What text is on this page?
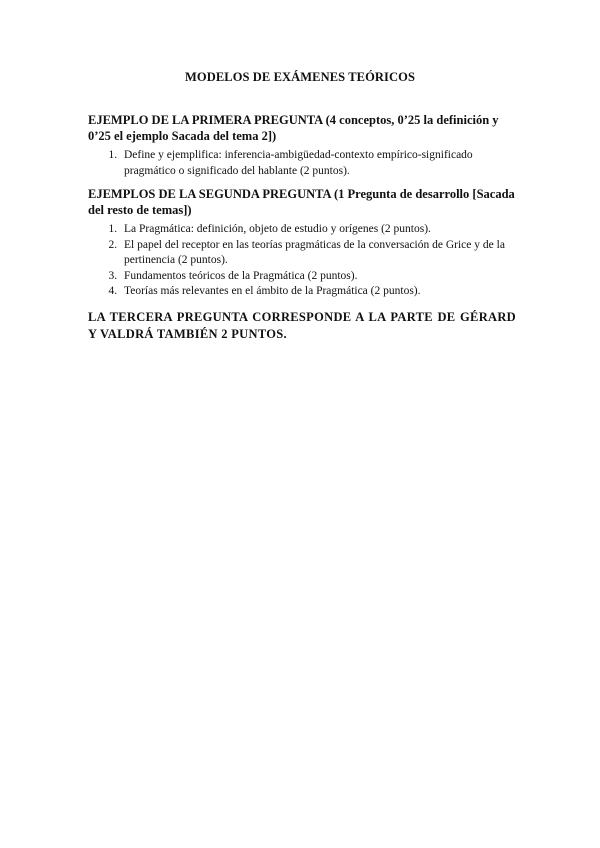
MODELOS DE EXÁMENES TEÓRICOS

EJEMPLO DE LA PRIMERA PREGUNTA (4 conceptos, 0’25 la definición y 0’25 el ejemplo Sacada del tema 2])

1. Define y ejemplifica: inferencia-ambigüedad-contexto empírico-significado pragmático o significado del hablante (2 puntos).

EJEMPLOS DE LA SEGUNDA PREGUNTA (1 Pregunta de desarrollo [Sacada del resto de temas])

1. La Pragmática: definición, objeto de estudio y orígenes (2 puntos).
2. El papel del receptor en las teorías pragmáticas de la conversación de Grice y de la pertinencia (2 puntos).
3. Fundamentos teóricos de la Pragmática (2 puntos).
4. Teorías más relevantes en el ámbito de la Pragmática (2 puntos).
LA TERCERA PREGUNTA CORRESPONDE A LA PARTE DE GÉRARD Y VALDRÁ TAMBIÉN 2 PUNTOS.
